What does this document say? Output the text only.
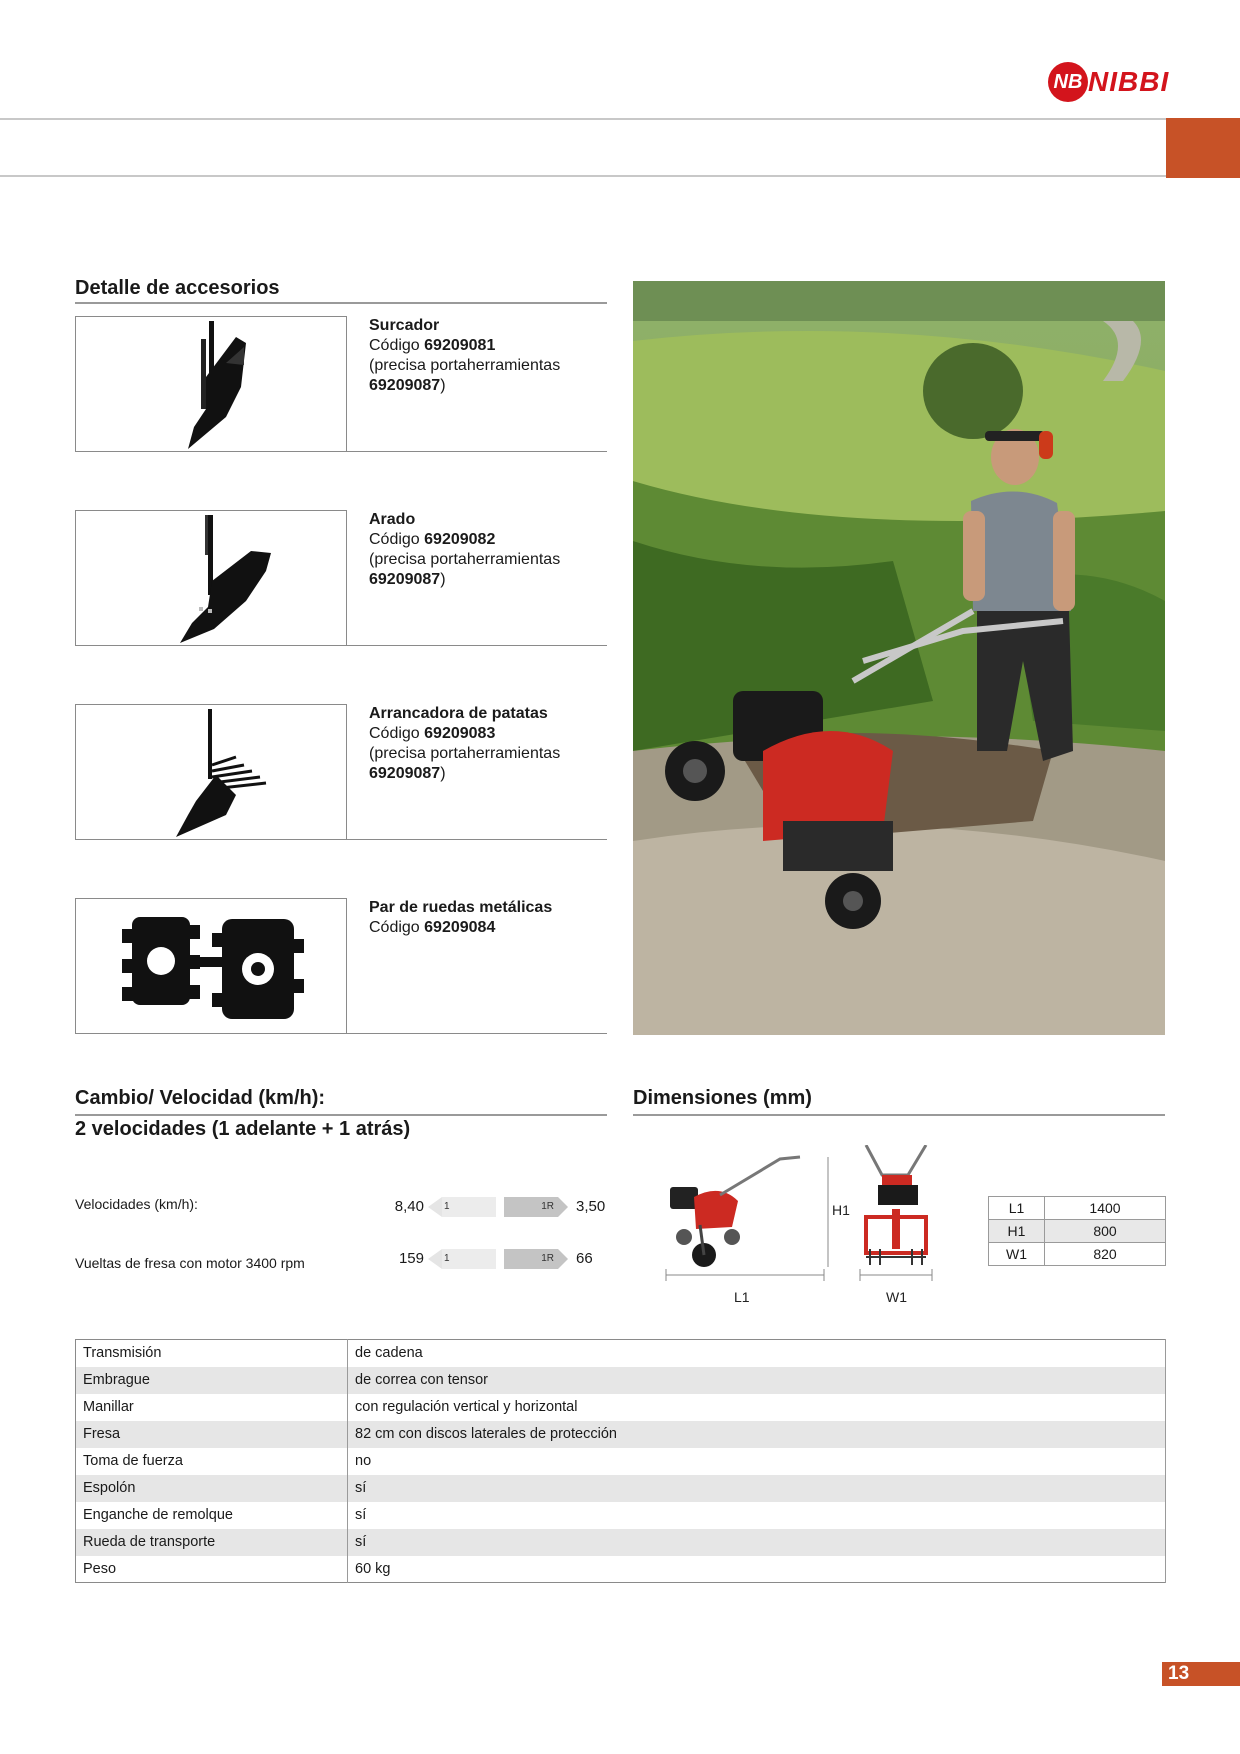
NB NIBBI
Detalle de accesorios
Surcador
Código 69209081
(precisa portaherramientas
69209087)
Arado
Código 69209082
(precisa portaherramientas
69209087)
Arrancadora de patatas
Código 69209083
(precisa portaherramientas
69209087)
Par de ruedas metálicas
Código 69209084
Cambio/ Velocidad (km/h):
2 velocidades (1 adelante + 1 atrás)
Velocidades (km/h):	8,40 1	1R 3,50
Vueltas de fresa con motor 3400 rpm	159 1	1R 66
Dimensiones (mm)
H1
L1	W1
L1	1400
H1	800
W1	820
Transmisión	de cadena
Embrague	de correa con tensor
Manillar	con regulación vertical y horizontal
Fresa	82 cm con discos laterales de protección
Toma de fuerza	no
Espolón	sí
Enganche de remolque	sí
Rueda de transporte	sí
Peso	60 kg
13
